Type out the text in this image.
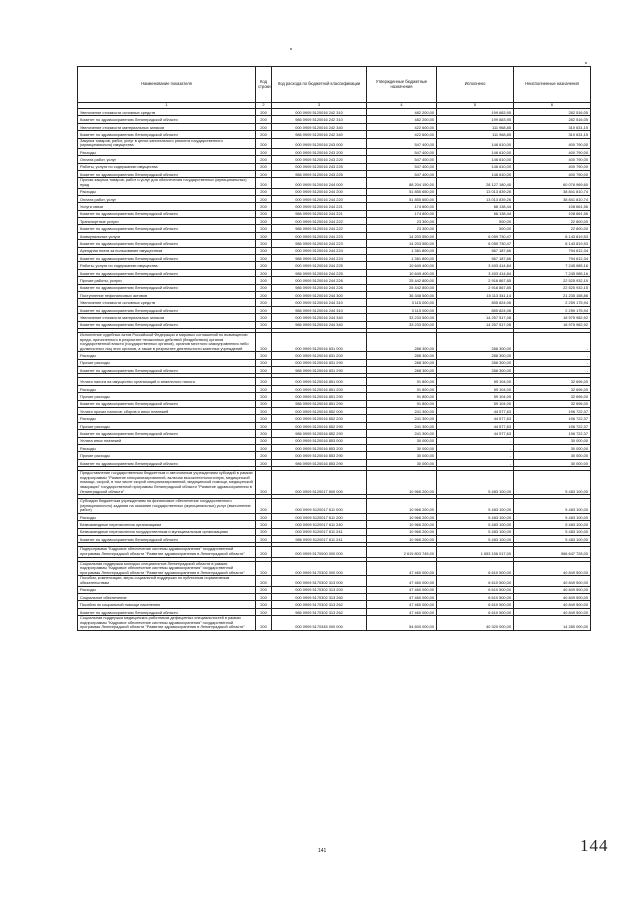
Наименование показателя	Код строки	Код расхода по бюджетной классификации	Утвержденные бюджетные назначения	Исполнено	Неисполненные назначения
1	2	3	4	5	6
Увеличение стоимости основных средств	200	000 0909 5120016 242 310	482 200,00	199 683,95	282 516,05
Комитет по здравоохранению Ленинградской области	200	986 0909 5120016 242 310	482 200,00	199 683,95	282 516,05
Увеличение стоимости материальных запасов	200	000 0909 5120016 242 340	422 600,00	111 968,85	310 631,15
Комитет по здравоохранению Ленинградской области	200	986 0909 5120016 242 340	422 600,00	111 968,85	310 631,15
Закупка товаров, работ, услуг в целях капитального ремонта государственного (муниципального) имущества	200	000 0909 5120016 243 000	547 400,00	146 610,00	400 790,00
Расходы	200	000 0909 5120016 243 200	547 400,00	146 610,00	400 790,00
Оплата работ, услуг	200	000 0909 5120016 243 220	547 400,00	146 610,00	400 790,00
Работы, услуги по содержанию имущества	200	000 0909 5120016 243 225	547 400,00	146 610,00	400 790,00
Комитет по здравоохранению Ленинградской области	200	986 0909 5120016 243 225	547 400,00	146 610,00	400 790,00
Прочая закупка товаров, работ и услуг для обеспечения государственных (муниципальных) нужд	200	000 0909 5120016 244 000	88 204 150,00	28 127 180,40	60 076 969,60
Расходы	200	000 0909 5120016 244 200	51 855 650,00	13 013 839,26	38 841 810,74
Оплата работ, услуг	200	000 0909 5120016 244 220	51 855 650,00	13 013 839,26	38 841 810,74
Услуги связи	200	000 0909 5120016 244 221	174 800,00	66 138,44	108 661,56
Комитет по здравоохранению Ленинградской области	200	986 0909 5120016 244 221	174 800,00	66 138,44	108 661,56
Транспортные услуги	200	000 0909 5120016 244 222	23 300,00	500,00	22 800,00
Комитет по здравоохранению Ленинградской области	200	986 0909 5120016 244 222	23 300,00	500,00	22 800,00
Коммунальные услуги	200	000 0909 5120016 244 223	14 203 550,00	6 059 730,47	8 143 819,53
Комитет по здравоохранению Ленинградской области	200	986 0909 5120016 244 223	14 203 550,00	6 059 730,47	8 143 819,53
Арендная плата за пользование имуществом	200	000 0909 5120016 244 224	1 361 800,00	567 187,66	794 612,34
Комитет по здравоохранению Ленинградской области	200	986 0909 5120016 244 224	1 361 800,00	567 187,66	794 612,34
Работы, услуги по содержанию имущества	200	000 0909 5120016 244 225	10 649 400,00	3 403 414,84	7 245 985,16
Комитет по здравоохранению Ленинградской области	200	986 0909 5120016 244 225	10 649 400,00	3 403 414,84	7 245 985,16
Прочие работы, услуги	200	000 0909 5120016 244 226	25 442 800,00	2 916 867,85	22 525 932,15
Комитет по здравоохранению Ленинградской области	200	986 0909 5120016 244 226	25 442 800,00	2 916 867,85	22 525 932,15
Поступление нефинансовых активов	200	000 0909 5120016 244 300	36 348 500,00	15 113 341,14	21 235 158,86
Увеличение стоимости основных средств	200	000 0909 5120016 244 310	3 115 000,00	855 824,06	2 259 175,94
Комитет по здравоохранению Ленинградской области	200	986 0909 5120016 244 310	3 115 000,00	855 824,06	2 259 175,94
Увеличение стоимости материальных запасов	200	000 0909 5120016 244 340	33 233 500,00	14 257 517,08	18 975 982,92
Комитет по здравоохранению Ленинградской области	200	986 0909 5120016 244 340	33 233 500,00	14 257 517,08	18 975 982,92

Исполнение судебных актов Российской Федерации и мировых соглашений по возмещению вреда, причиненного в результате незаконных действий (бездействия) органов государственной власти (государственных органов), органов местного самоуправления либо должностных лиц этих органов, а также в результате деятельности казенных учреждений	200	000 0909 5120016 831 000	288 300,00	288 300,00	-
Расходы	200	000 0909 5120016 831 200	288 300,00	288 300,00	-
Прочие расходы	200	000 0909 5120016 831 290	288 300,00	288 300,00	-
Комитет по здравоохранению Ленинградской области	200	986 0909 5120016 831 290	288 300,00	288 300,00	-

Уплата налога на имущество организаций и земельного налога	200	000 0909 5120016 851 000	91 800,00	59 104,00	32 696,00
Расходы	200	000 0909 5120016 851 200	91 800,00	59 104,00	32 696,00
Прочие расходы	200	000 0909 5120016 851 290	91 800,00	59 104,00	32 696,00
Комитет по здравоохранению Ленинградской области	200	986 0909 5120016 851 290	91 800,00	59 104,00	32 696,00
Уплата прочих налогов, сборов и иных платежей	200	000 0909 5120016 852 000	241 300,00	44 577,63	196 722,37
Расходы	200	000 0909 5120016 852 200	241 300,00	44 577,63	196 722,37
Прочие расходы	200	000 0909 5120016 852 290	241 300,00	44 577,63	196 722,37
Комитет по здравоохранению Ленинградской области	200	986 0909 5120016 852 290	241 300,00	44 577,63	196 722,37
Уплата иных платежей	200	000 0909 5120016 853 000	30 000,00	-	30 000,00
Расходы	200	000 0909 5120016 853 200	30 000,00	-	30 000,00
Прочие расходы	200	000 0909 5120016 853 290	30 000,00	-	30 000,00
Комитет по здравоохранению Ленинградской области	200	986 0909 5120016 853 290	30 000,00	-	30 000,00

Предоставление государственным бюджетным и автономным учреждениям субсидий в рамках подпрограммы "Развитие специализированной, включая высокотехнологичную, медицинской помощи, скорой, в том числе скорой специализированной, медицинской помощи, медицинской эвакуации" государственной программы Ленинградской области "Развитие здравоохранения в Ленинградской области"	200	000 0909 5120017 600 000	10 966 200,00	5 483 100,00	5 483 100,00

Субсидии бюджетным учреждениям на финансовое обеспечение государственного (муниципального) задания на оказание государственных (муниципальных) услуг (выполнение работ)	200	000 0909 5120017 611 000	10 966 200,00	5 483 100,00	5 483 100,00
Расходы	200	000 0909 5120017 611 200	10 966 200,00	5 483 100,00	5 483 100,00
Безвозмездные перечисления организациям	200	000 0909 5120017 611 240	10 966 200,00	5 483 100,00	5 483 100,00
Безвозмездные перечисления государственным и муниципальным организациям	200	000 0909 5120017 611 241	10 966 200,00	5 483 100,00	5 483 100,00
Комитет по здравоохранению Ленинградской области	200	986 0909 5120017 611 241	10 966 200,00	5 483 100,00	5 483 100,00

Подпрограмма "Кадровое обеспечение системы здравоохранения" государственной программы Ленинградской области "Развитие здравоохранения в Ленинградской области"	200	000 0909 5170000 000 000	2 619 803 745,00	1 653 156 017,00	966 647 728,00

Социальная поддержка молодых специалистов Ленинградской области в рамках подпрограммы "Кадровое обеспечение системы здравоохранения" государственной программы Ленинградской области "Развитие здравоохранения в Ленинградской области"	200	000 0909 5170302 000 000	47 460 000,00	6 610 500,00	40 849 500,00
Пособия, компенсации, меры социальной поддержки по публичным нормативным обязательствам	200	000 0909 5170302 313 000	47 460 000,00	6 610 500,00	40 849 500,00
Расходы	200	000 0909 5170302 313 200	47 460 000,00	6 610 500,00	40 849 500,00
Социальное обеспечение	200	000 0909 5170302 313 260	47 460 000,00	6 610 500,00	40 849 500,00
Пособия по социальной помощи населению	200	000 0909 5170302 313 262	47 460 000,00	6 610 500,00	40 849 500,00
Комитет по здравоохранению Ленинградской области	200	986 0909 5170302 313 262	47 460 000,00	6 610 500,00	40 849 500,00
Социальная поддержка медицинских работников дефицитных специальностей в рамках подпрограммы "Кадровое обеспечение системы здравоохранения" государственной программы Ленинградской области "Развитие здравоохранения в Ленинградской области"	200	000 0909 5170345 000 000	54 600 000,00	40 320 000,00	14 280 000,00
141	144
